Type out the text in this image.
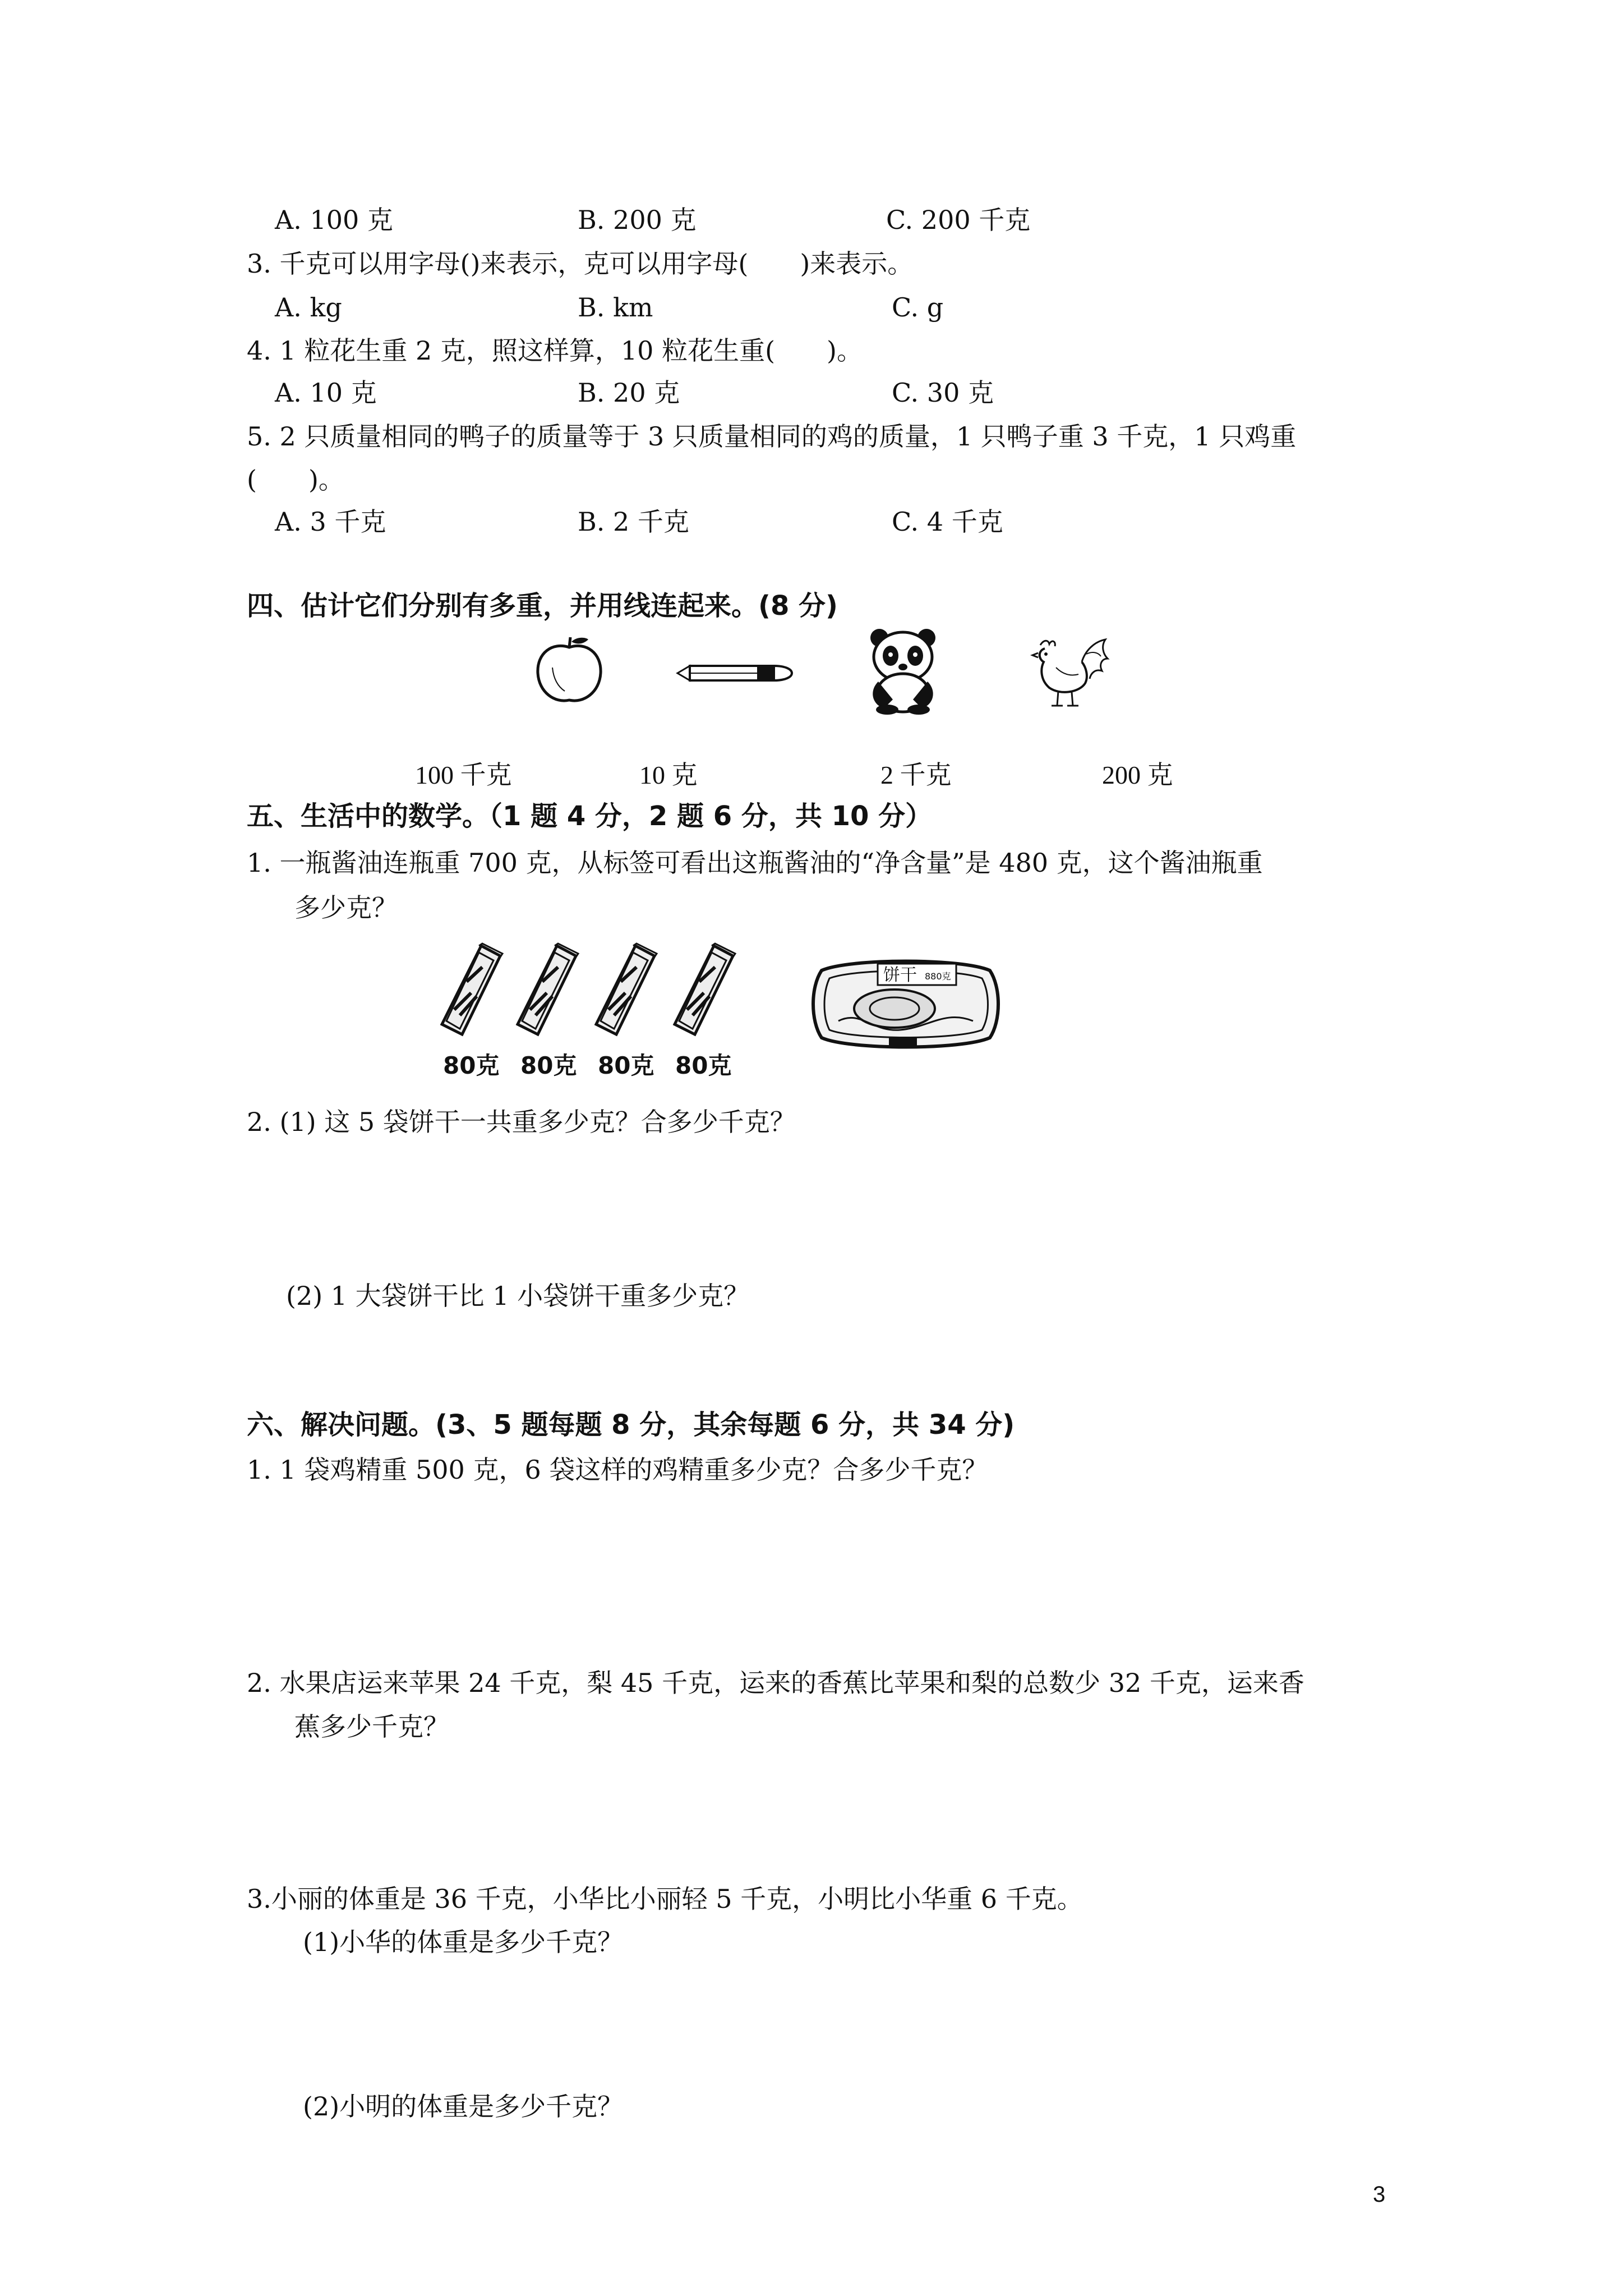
A. 100 克	B. 200 克	C. 200 千克
3. 千克可以用字母()来表示，克可以用字母(　　)来表示。
A. kg	B. km	C. g
4. 1 粒花生重 2 克，照这样算，10 粒花生重(　　)。
A. 10 克	B. 20 克	C. 30 克
5. 2 只质量相同的鸭子的质量等于 3 只质量相同的鸡的质量，1 只鸭子重 3 千克，1 只鸡重
(　　)。
A. 3 千克	B. 2 千克	C. 4 千克
四、估计它们分别有多重，并用线连起来。(8 分)
100 千克	10 克	2 千克	200 克
五、生活中的数学。（1 题 4 分，2 题 6 分，共 10 分）
1. 一瓶酱油连瓶重 700 克，从标签可看出这瓶酱油的“净含量”是 480 克，这个酱油瓶重
多少克？
饼干 880克
80克 80克 80克 80克
2. (1) 这 5 袋饼干一共重多少克？合多少千克？
(2) 1 大袋饼干比 1 小袋饼干重多少克？
六、解决问题。(3、5 题每题 8 分，其余每题 6 分，共 34 分)
1. 1 袋鸡精重 500 克，6 袋这样的鸡精重多少克？合多少千克？
2. 水果店运来苹果 24 千克，梨 45 千克，运来的香蕉比苹果和梨的总数少 32 千克，运来香
蕉多少千克？
3.小丽的体重是 36 千克，小华比小丽轻 5 千克，小明比小华重 6 千克。
(1)小华的体重是多少千克？
(2)小明的体重是多少千克？
3
